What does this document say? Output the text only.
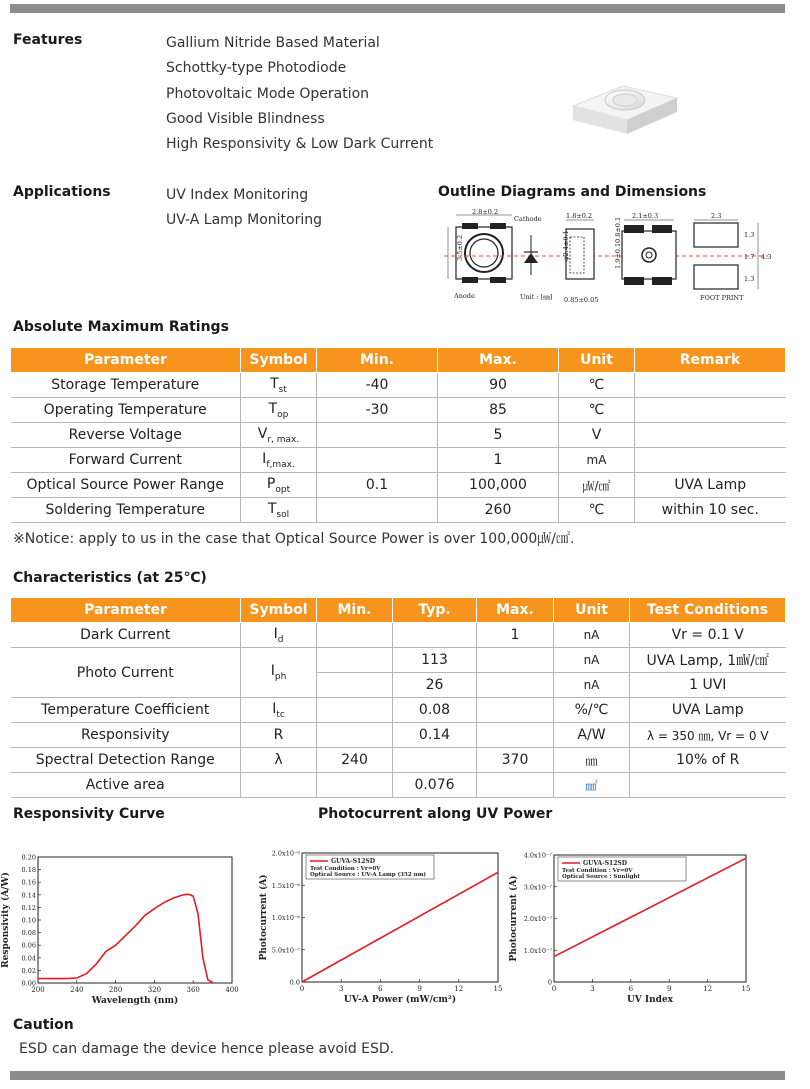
Features	Gallium Nitride Based Material
Schottky-type Photodiode
Photovoltaic Mode Operation
Good Visible Blindness
High Responsivity & Low Dark Current
Applications	UV Index Monitoring
UV-A Lamp Monitoring
Outline Diagrams and Dimensions
2.8±0.2
Cathode
3.5±0.2
Anode	Unit : [㎜]
1.8±0.2
φ2.4±0.1
0.85±0.05
2.1±0.3
0.8±0.1
1.9±0.1
2.3
1.3
1.7
1.3
4.3
FOOT PRINT
Absolute Maximum Ratings
Parameter	Symbol	Min.	Max.	Unit	Remark
Storage Temperature	$T_{st}$	-40	90	℃	
Operating Temperature	$T_{op}$	-30	85	℃	
Reverse Voltage	$V_{r, max.}$		5	V	
Forward Current	$I_{f,max.}$		1	mA	
Optical Source Power Range	$P_{opt}$	0.1	100,000	㎼/㎠	UVA Lamp
Soldering Temperature	$T_{sol}$		260	℃	within 10 sec.
※Notice: apply to us in the case that Optical Source Power is over 100,000㎼/㎠.
Characteristics (at 25℃)
Parameter	Symbol	Min.	Typ.	Max.	Unit	Test Conditions
Dark Current	$I_d$			1	nA	Vr = 0.1 V
Photo Current	$I_{ph}$		113		nA	UVA Lamp, 1㎽/㎠
			26		nA	1 UVI
Temperature Coefficient	$I_{tc}$		0.08		%/℃	UVA Lamp
Responsivity	R		0.14		A/W	λ = 350 ㎚, Vr = 0 V
Spectral Detection Range	λ	240		370	㎚	10% of R
Active area			0.076		㎟	
Responsivity Curve	Photocurrent along UV Power
200	240	280	320	360	400
0.00
0.02
0.04
0.06
0.08
0.10
0.12
0.14
0.16
0.18
0.20
Wavelength (nm)
Responsivity (A/W)
0	3	6	9	12	15
0.0
5.0x10⁻⁷
1.0x10⁻⁶
1.5x10⁻⁶
2.0x10⁻⁶
UV-A Power (mW/cm²)
Photocurrent (A)
GUVA-S12SD
Test Condition : Vr=0V
Optical Source : UV-A Lamp (352 nm)
0	3	6	9	12	15
0
1.0x10⁻⁷
2.0x10⁻⁷
3.0x10⁻⁷
4.0x10⁻⁷
UV Index
Photocurrent (A)
GUVA-S12SD
Test Condition : Vr=0V
Optical Source : Sunlight
Caution
ESD can damage the device hence please avoid ESD.
